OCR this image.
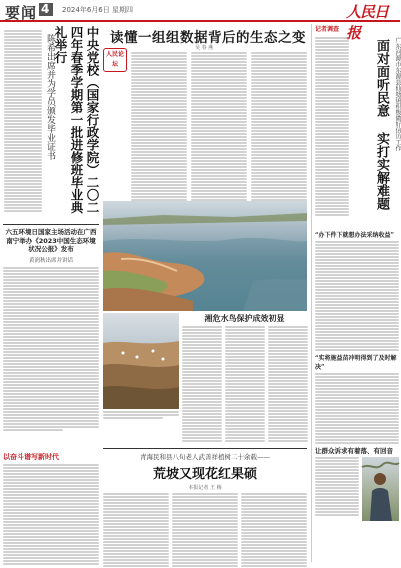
要闻 4 2024年6月6日 星期四	人民日报
中央党校（国家行政学院）二〇二四年春季学期第一批进修班毕业典礼举行
陈希出席并为学员颁发毕业证书
六五环境日国家主场活动在广西南宁举办《2023中国生态环境状况公报》发布
黄润秋出席并讲话
人民论坛
读懂一组组数据背后的生态之变
吴 春 燕
湘危水鸟保护成效初显
以奋斗谱写新时代	青海民和县八旬老人武善祥植树二十余载——
荒坡又现花红果硕
本报记者 王 梅
记者调查
广东河源市东源县仙塘镇积极做好信访工作
面对面听民意 实打实解难题
“办下件下就想办法采纳收益”
“实将施益苗冲明得到了及时解决”
让群众诉求有着落、有回音
